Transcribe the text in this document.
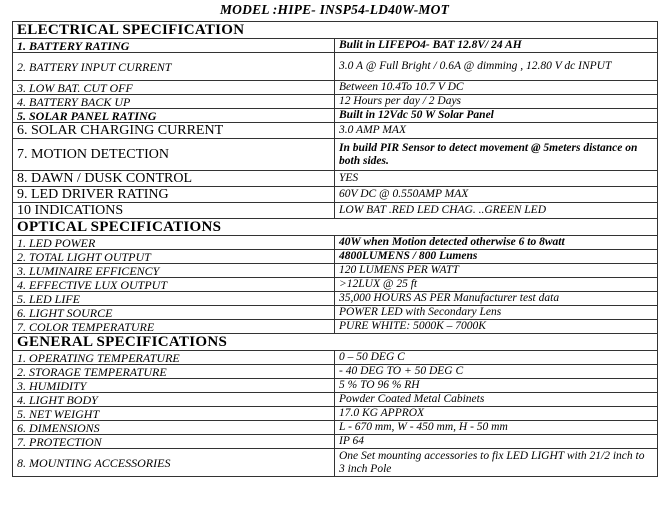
MODEL :HIPE- INSP54-LD40W-MOT
ELECTRICAL SPECIFICATION	
1. BATTERY RATING	Bulit in LIFEPO4- BAT 12.8V/ 24 AH
2. BATTERY INPUT CURRENT	3.0 A @ Full Bright / 0.6A @ dimming , 12.80 V dc INPUT
3. LOW BAT. CUT OFF	Between 10.4To 10.7 V DC
4. BATTERY BACK UP	12 Hours per day / 2 Days
5. SOLAR PANEL RATING	Built in 12Vdc 50 W Solar Panel
6. SOLAR CHARGING CURRENT	3.0 AMP MAX
7. MOTION DETECTION	In build PIR Sensor to detect movement @ 5meters distance on both sides.
8. DAWN / DUSK CONTROL	YES
9. LED DRIVER RATING	60V DC @ 0.550AMP MAX
10 INDICATIONS	LOW BAT .RED LED CHAG. ..GREEN LED
OPTICAL SPECIFICATIONS	
1. LED POWER	40W when Motion detected otherwise 6 to 8watt
2. TOTAL LIGHT OUTPUT	4800LUMENS / 800 Lumens
3. LUMINAIRE EFFICENCY	120 LUMENS PER WATT
4. EFFECTIVE LUX OUTPUT	>12LUX @ 25 ft
5. LED LIFE	35,000 HOURS AS PER Manufacturer test data
6. LIGHT SOURCE	POWER LED with Secondary Lens
7. COLOR TEMPERATURE	PURE WHITE: 5000K – 7000K
GENERAL SPECIFICATIONS	
1. OPERATING TEMPERATURE	0 – 50 DEG C
2. STORAGE TEMPERATURE	- 40 DEG TO + 50 DEG C
3. HUMIDITY	5 % TO 96 % RH
4. LIGHT BODY	Powder Coated Metal Cabinets
5. NET WEIGHT	17.0 KG APPROX
6. DIMENSIONS	L - 670 mm, W - 450 mm, H - 50 mm
7. PROTECTION	IP 64
8. MOUNTING ACCESSORIES	One Set mounting accessories to fix LED LIGHT with 21/2 inch to 3 inch Pole
